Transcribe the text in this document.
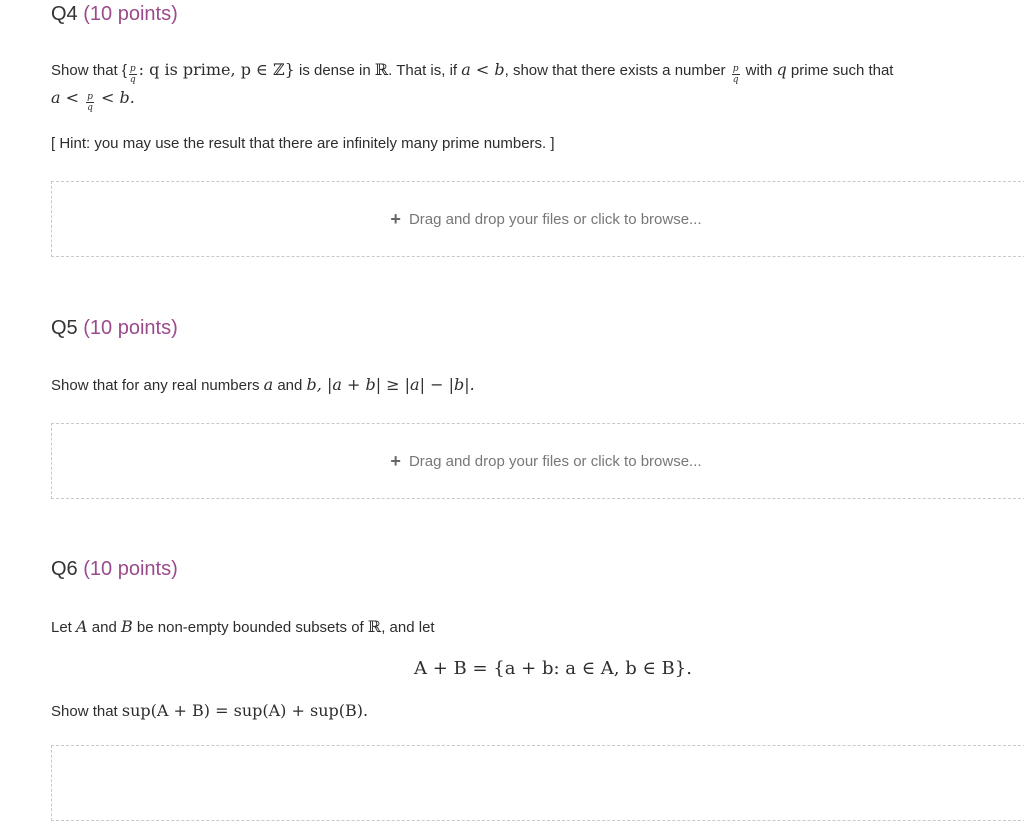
Q4 (10 points)
Show that { $\frac{p}{q}$ : q is prime, p ∈ ℤ} is dense in ℝ. That is, if a < b, show that there exists a number $\frac{p}{q}$ with q prime such that
$a < \frac{p}{q} < b$.
[ Hint: you may use the result that there are infinitely many prime numbers. ]
+ Drag and drop your files or click to browse...
Q5 (10 points)
Show that for any real numbers a and b, |a + b| ≥ |a| − |b|.
+ Drag and drop your files or click to browse...
Q6 (10 points)
Let A and B be non-empty bounded subsets of ℝ, and let
A + B = {a + b: a ∈ A, b ∈ B}.
Show that sup(A + B) = sup(A) + sup(B).
